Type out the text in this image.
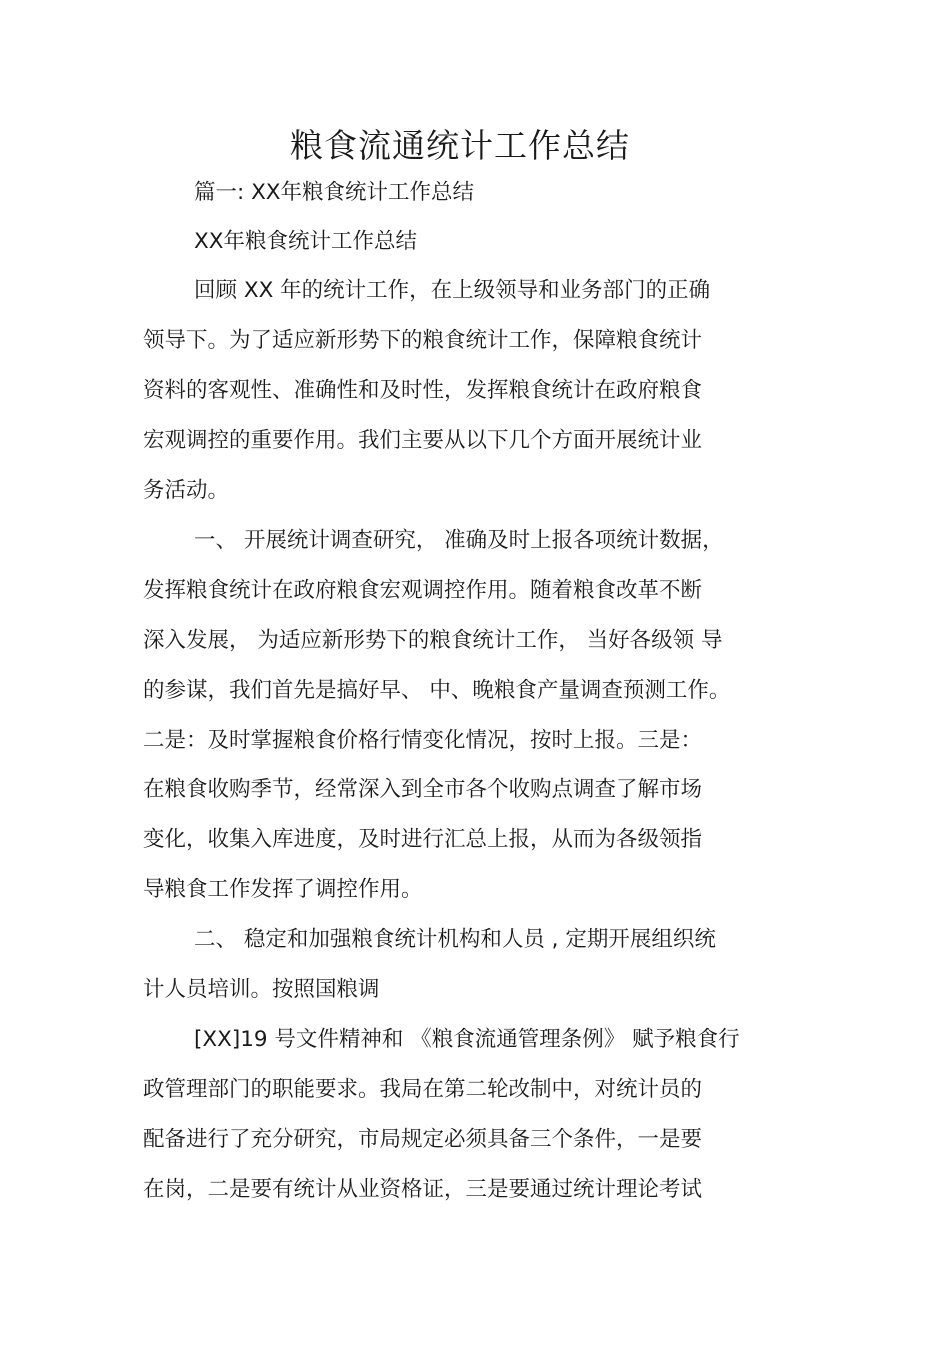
粮食流通统计工作总结
篇一: XX年粮食统计工作总结
XX年粮食统计工作总结
回顾 XX 年的统计工作，在上级领导和业务部门的正确
领导下。为了适应新形势下的粮食统计工作，保障粮食统计
资料的客观性、准确性和及时性，发挥粮食统计在政府粮食
宏观调控的重要作用。我们主要从以下几个方面开展统计业
务活动。
一、 开展统计调查研究， 准确及时上报各项统计数据，
发挥粮食统计在政府粮食宏观调控作用。随着粮食改革不断
深入发展， 为适应新形势下的粮食统计工作， 当好各级领 导
的参谋，我们首先是搞好早、 中、晚粮食产量调查预测工作。
二是：及时掌握粮食价格行情变化情况，按时上报。三是：
在粮食收购季节，经常深入到全市各个收购点调查了解市场
变化，收集入库进度，及时进行汇总上报，从而为各级领指
导粮食工作发挥了调控作用。
二、 稳定和加强粮食统计机构和人员 , 定期开展组织统
计人员培训。按照国粮调
[XX]19 号文件精神和 《粮食流通管理条例》 赋予粮食行
政管理部门的职能要求。我局在第二轮改制中，对统计员的
配备进行了充分研究，市局规定必须具备三个条件，一是要
在岗，二是要有统计从业资格证，三是要通过统计理论考试
